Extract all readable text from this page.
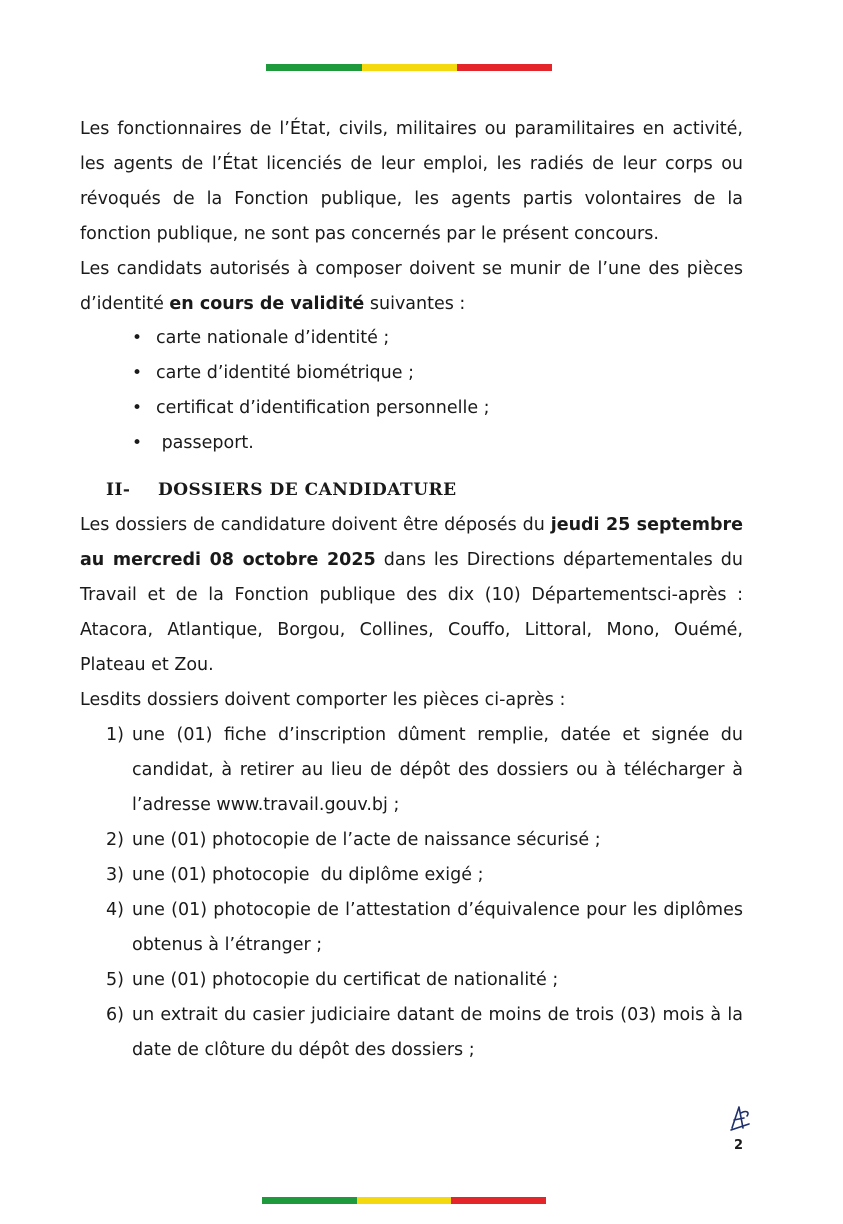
Les fonctionnaires de l’État, civils, militaires ou paramilitaires en activité, les agents de l’État licenciés de leur emploi, les radiés de leur corps ou révoqués de la Fonction publique, les agents partis volontaires de la fonction publique, ne sont pas concernés par le présent concours.

Les candidats autorisés à composer doivent se munir de l’une des pièces d’identité en cours de validité suivantes :

• carte nationale d’identité ;
• carte d’identité biométrique ;
• certificat d’identification personnelle ;
•  passeport.
II- DOSSIERS DE CANDIDATURE

Les dossiers de candidature doivent être déposés du jeudi 25 septembre au mercredi 08 octobre 2025 dans les Directions départementales du Travail et de la Fonction publique des dix (10) Départementsci-après : Atacora, Atlantique, Borgou, Collines, Couffo, Littoral, Mono, Ouémé, Plateau et Zou.

Lesdits dossiers doivent comporter les pièces ci-après :

1) une (01) fiche d’inscription dûment remplie, datée et signée du candidat, à retirer au lieu de dépôt des dossiers ou à télécharger à l’adresse www.travail.gouv.bj ;
2) une (01) photocopie de l’acte de naissance sécurisé ;
3) une (01) photocopie  du diplôme exigé ;
4) une (01) photocopie de l’attestation d’équivalence pour les diplômes obtenus à l’étranger ;
5) une (01) photocopie du certificat de nationalité ;
6) un extrait du casier judiciaire datant de moins de trois (03) mois à la date de clôture du dépôt des dossiers ;
2
